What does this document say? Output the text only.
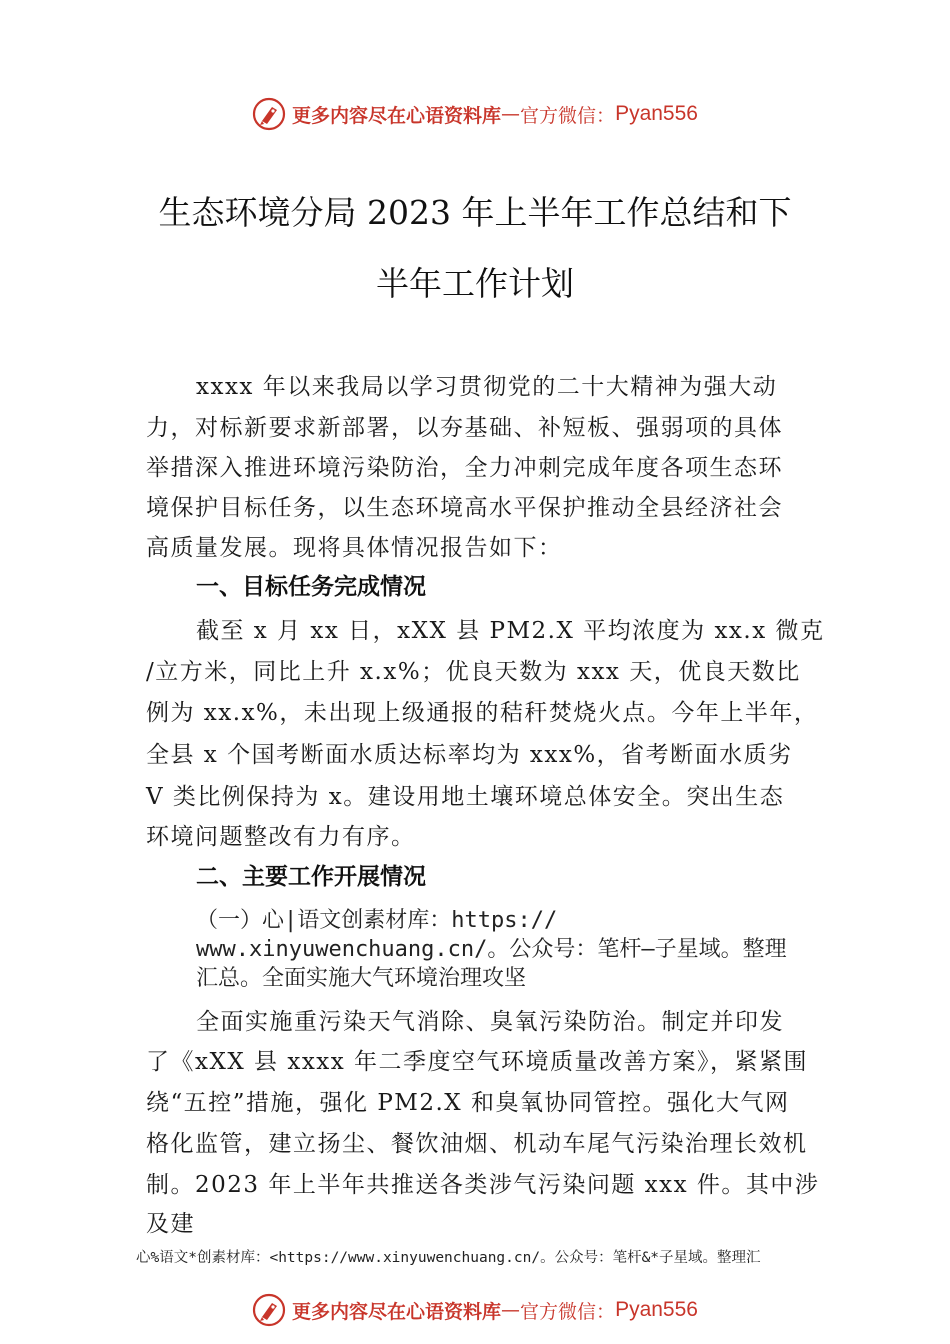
更多内容尽在心语资料库 — 官方微信： Pyan556
生态环境分局 2023 年上半年工作总结和下
半年工作计划
xxxx 年以来我局以学习贯彻党的二十大精神为强大动
力，对标新要求新部署，以夯基础、补短板、强弱项的具体
举措深入推进环境污染防治，全力冲刺完成年度各项生态环
境保护目标任务，以生态环境高水平保护推动全县经济社会
高质量发展。现将具体情况报告如下：
一、目标任务完成情况
截至 x 月 xx 日，xXX 县 PM2.X 平均浓度为 xx.x 微克
/立方米，同比上升 x.x%；优良天数为 xxx 天，优良天数比
例为 xx.x%，未出现上级通报的秸秆焚烧火点。今年上半年，
全县 x 个国考断面水质达标率均为 xxx%，省考断面水质劣
V 类比例保持为 x。建设用地土壤环境总体安全。突出生态
环境问题整改有力有序。
二、主要工作开展情况
（一）心|语文创素材库：https://
www.xinyuwenchuang.cn/。公众号：笔杆—子星域。整理
汇总。全面实施大气环境治理攻坚
全面实施重污染天气消除、臭氧污染防治。制定并印发
了《xXX 县 xxxx 年二季度空气环境质量改善方案》，紧紧围
绕“五控”措施，强化 PM2.X 和臭氧协同管控。强化大气网
格化监管，建立扬尘、餐饮油烟、机动车尾气污染治理长效机
制。2023 年上半年共推送各类涉气污染问题 xxx 件。其中涉
及建
心%语文*创素材库：<https://www.xinyuwenchuang.cn/。公众号：笔杆&*子星域。整理汇
更多内容尽在心语资料库 — 官方微信： Pyan556
